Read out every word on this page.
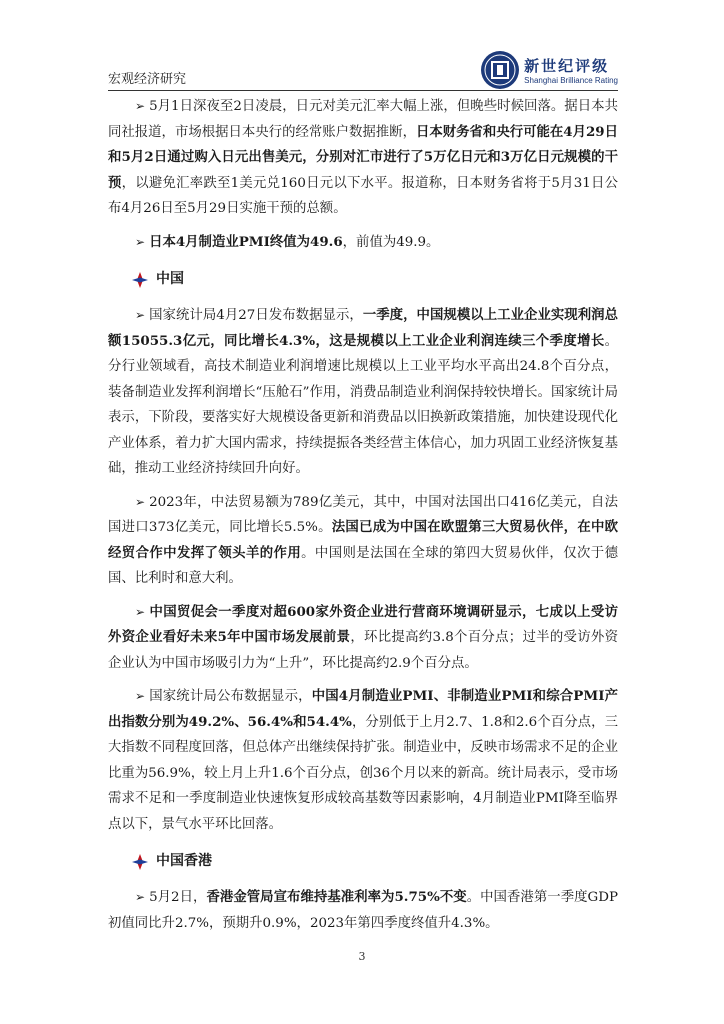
宏观经济研究
新世纪评级
Shanghai Brilliance Rating

➢ 5月1日深夜至2日凌晨，日元对美元汇率大幅上涨，但晚些时候回落。据日本共同社报道，市场根据日本央行的经常账户数据推断，日本财务省和央行可能在4月29日和5月2日通过购入日元出售美元，分别对汇市进行了5万亿日元和3万亿日元规模的干预，以避免汇率跌至1美元兑160日元以下水平。报道称，日本财务省将于5月31日公布4月26日至5月29日实施干预的总额。

➢ 日本4月制造业PMI终值为49.6，前值为49.9。

中国

➢ 国家统计局4月27日发布数据显示，一季度，中国规模以上工业企业实现利润总额15055.3亿元，同比增长4.3%，这是规模以上工业企业利润连续三个季度增长。分行业领域看，高技术制造业利润增速比规模以上工业平均水平高出24.8个百分点，装备制造业发挥利润增长“压舱石”作用，消费品制造业利润保持较快增长。国家统计局表示，下阶段，要落实好大规模设备更新和消费品以旧换新政策措施，加快建设现代化产业体系，着力扩大国内需求，持续提振各类经营主体信心，加力巩固工业经济恢复基础，推动工业经济持续回升向好。

➢ 2023年，中法贸易额为789亿美元，其中，中国对法国出口416亿美元，自法国进口373亿美元，同比增长5.5%。法国已成为中国在欧盟第三大贸易伙伴，在中欧经贸合作中发挥了领头羊的作用。中国则是法国在全球的第四大贸易伙伴，仅次于德国、比利时和意大利。

➢ 中国贸促会一季度对超600家外资企业进行营商环境调研显示，七成以上受访外资企业看好未来5年中国市场发展前景，环比提高约3.8个百分点；过半的受访外资企业认为中国市场吸引力为“上升”，环比提高约2.9个百分点。

➢ 国家统计局公布数据显示，中国4月制造业PMI、非制造业PMI和综合PMI产出指数分别为49.2%、56.4%和54.4%，分别低于上月2.7、1.8和2.6个百分点，三大指数不同程度回落，但总体产出继续保持扩张。制造业中，反映市场需求不足的企业比重为56.9%，较上月上升1.6个百分点，创36个月以来的新高。统计局表示，受市场需求不足和一季度制造业快速恢复形成较高基数等因素影响，4月制造业PMI降至临界点以下，景气水平环比回落。

中国香港

➢ 5月2日，香港金管局宣布维持基准利率为5.75%不变。中国香港第一季度GDP初值同比升2.7%，预期升0.9%，2023年第四季度终值升4.3%。

3
